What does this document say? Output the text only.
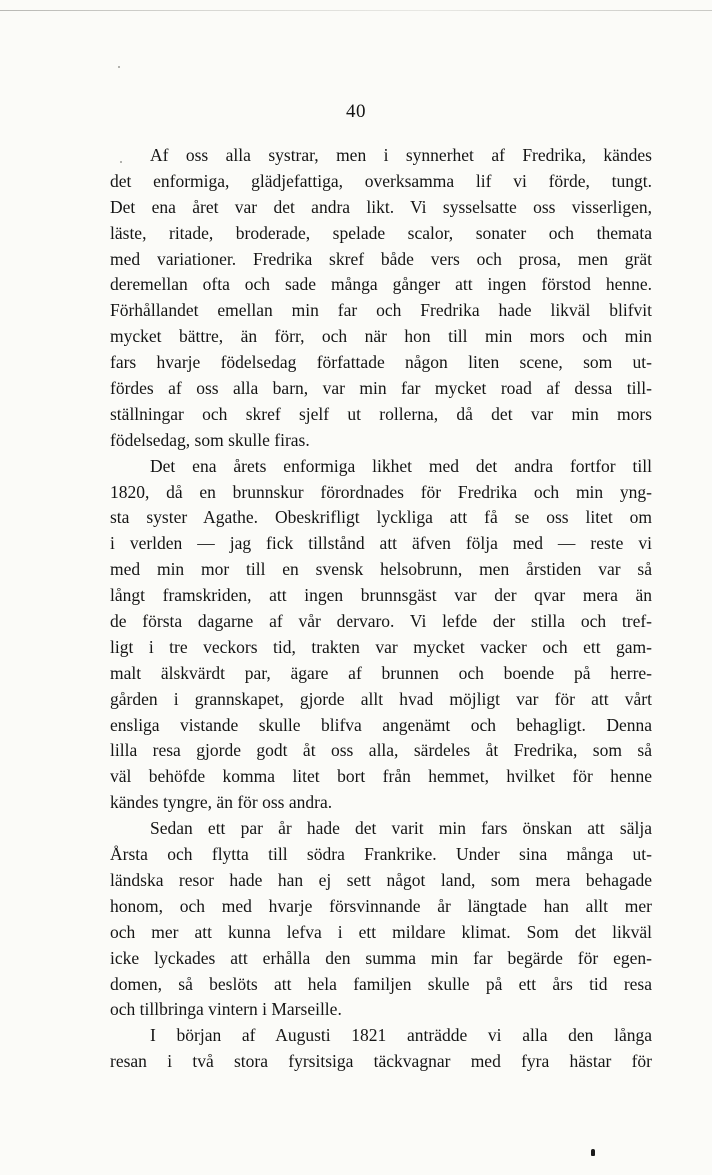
40
Af oss alla systrar, men i synnerhet af Fredrika, kändes
det enformiga, glädjefattiga, overksamma lif vi förde, tungt.
Det ena året var det andra likt. Vi sysselsatte oss visserligen,
läste, ritade, broderade, spelade scalor, sonater och themata
med variationer. Fredrika skref både vers och prosa, men grät
deremellan ofta och sade många gånger att ingen förstod henne.
Förhållandet emellan min far och Fredrika hade likväl blifvit
mycket bättre, än förr, och när hon till min mors och min
fars hvarje födelsedag författade någon liten scene, som ut-
fördes af oss alla barn, var min far mycket road af dessa till-
ställningar och skref sjelf ut rollerna, då det var min mors
födelsedag, som skulle firas.
Det ena årets enformiga likhet med det andra fortfor till
1820, då en brunnskur förordnades för Fredrika och min yng-
sta syster Agathe. Obeskrifligt lyckliga att få se oss litet om
i verlden — jag fick tillstånd att äfven följa med — reste vi
med min mor till en svensk helsobrunn, men årstiden var så
långt framskriden, att ingen brunnsgäst var der qvar mera än
de första dagarne af vår dervaro. Vi lefde der stilla och tref-
ligt i tre veckors tid, trakten var mycket vacker och ett gam-
malt älskvärdt par, ägare af brunnen och boende på herre-
gården i grannskapet, gjorde allt hvad möjligt var för att vårt
ensliga vistande skulle blifva angenämt och behagligt. Denna
lilla resa gjorde godt åt oss alla, särdeles åt Fredrika, som så
väl behöfde komma litet bort från hemmet, hvilket för henne
kändes tyngre, än för oss andra.
Sedan ett par år hade det varit min fars önskan att sälja
Årsta och flytta till södra Frankrike. Under sina många ut-
ländska resor hade han ej sett något land, som mera behagade
honom, och med hvarje försvinnande år längtade han allt mer
och mer att kunna lefva i ett mildare klimat. Som det likväl
icke lyckades att erhålla den summa min far begärde för egen-
domen, så beslöts att hela familjen skulle på ett års tid resa
och tillbringa vintern i Marseille.
I början af Augusti 1821 anträdde vi alla den långa
resan i två stora fyrsitsiga täckvagnar med fyra hästar för
